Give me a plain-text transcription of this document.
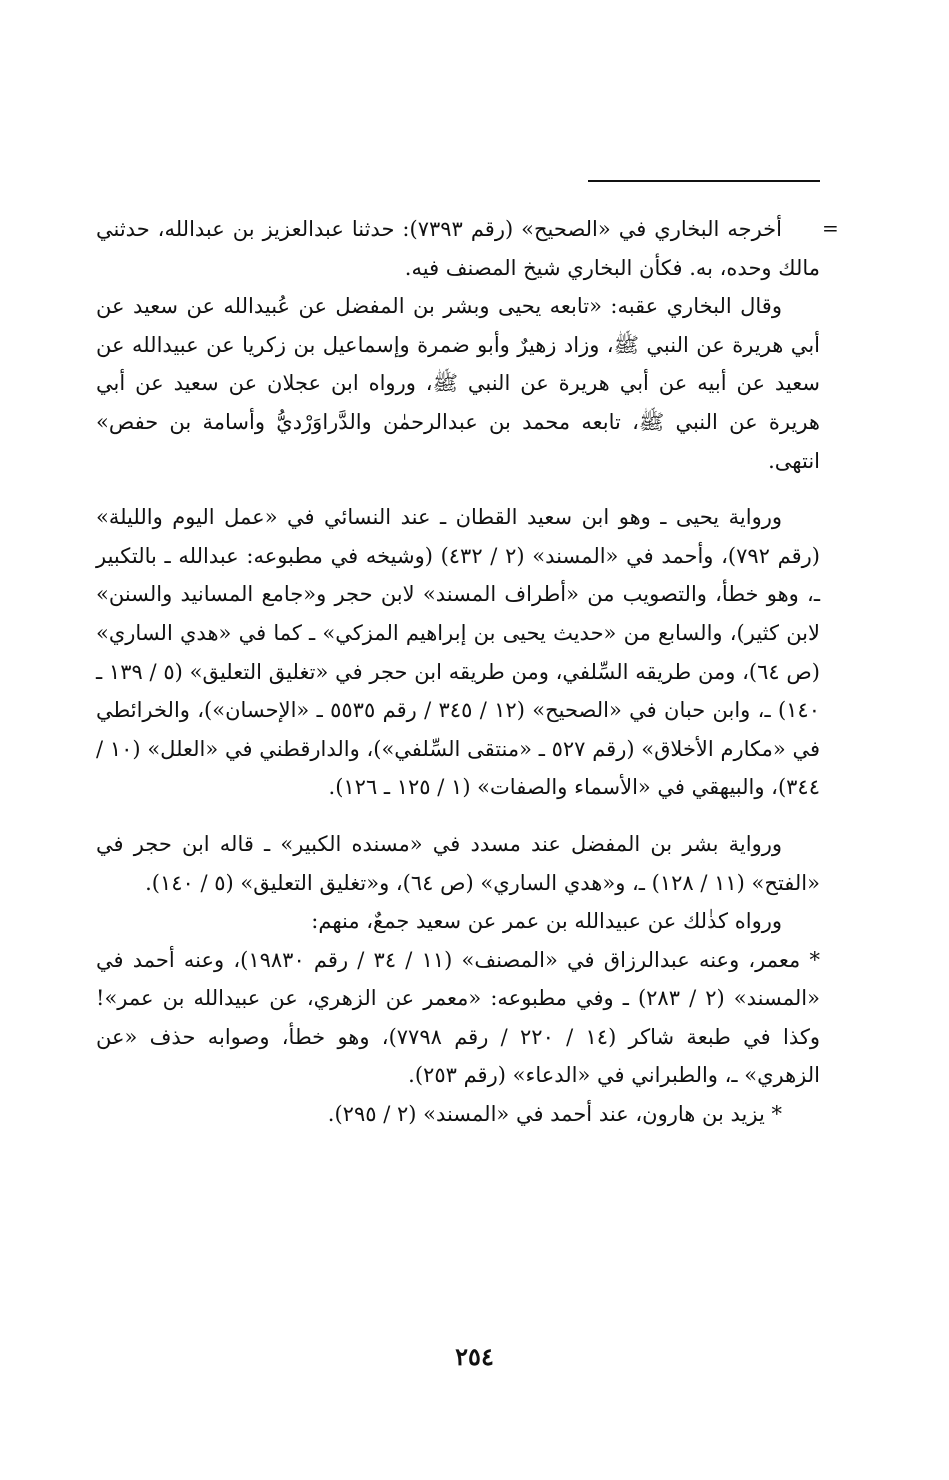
=

أخرجه البخاري في «الصحيح» (رقم ٧٣٩٣): حدثنا عبدالعزيز بن عبدالله، حدثني مالك وحده، به. فكأن البخاري شيخ المصنف فيه.

وقال البخاري عقبه: «تابعه يحيى وبشر بن المفضل عن عُبيدالله عن سعيد عن أبي هريرة عن النبي ﷺ، وزاد زهيرٌ وأبو ضمرة وإسماعيل بن زكريا عن عبيدالله عن سعيد عن أبيه عن أبي هريرة عن النبي ﷺ، ورواه ابن عجلان عن سعيد عن أبي هريرة عن النبي ﷺ، تابعه محمد بن عبدالرحمٰن والدَّراوَرْديُّ وأسامة بن حفص» انتهى.

ورواية يحيى ـ وهو ابن سعيد القطان ـ عند النسائي في «عمل اليوم والليلة» (رقم ٧٩٢)، وأحمد في «المسند» (٢ / ٤٣٢) (وشيخه في مطبوعه: عبدالله ـ بالتكبير ـ، وهو خطأ، والتصويب من «أطراف المسند» لابن حجر و«جامع المسانيد والسنن» لابن كثير)، والسابع من «حديث يحيى بن إبراهيم المزكي» ـ كما في «هدي الساري» (ص ٦٤)، ومن طريقه السِّلفي، ومن طريقه ابن حجر في «تغليق التعليق» (٥ / ١٣٩ ـ ١٤٠) ـ، وابن حبان في «الصحيح» (١٢ / ٣٤٥ / رقم ٥٥٣٥ ـ «الإحسان»)، والخرائطي في «مكارم الأخلاق» (رقم ٥٢٧ ـ «منتقى السِّلفي»)، والدارقطني في «العلل» (١٠ / ٣٤٤)، والبيهقي في «الأسماء والصفات» (١ / ١٢٥ ـ ١٢٦).

ورواية بشر بن المفضل عند مسدد في «مسنده الكبير» ـ قاله ابن حجر في «الفتح» (١١ / ١٢٨) ـ، و«هدي الساري» (ص ٦٤)، و«تغليق التعليق» (٥ / ١٤٠).

ورواه كذٰلك عن عبيدالله بن عمر عن سعيد جمعٌ، منهم:

* معمر، وعنه عبدالرزاق في «المصنف» (١١ / ٣٤ / رقم ١٩٨٣٠)، وعنه أحمد في «المسند» (٢ / ٢٨٣) ـ وفي مطبوعه: «معمر عن الزهري، عن عبيدالله بن عمر»! وكذا في طبعة شاكر (١٤ / ٢٢٠ / رقم ٧٧٩٨)، وهو خطأ، وصوابه حذف «عن الزهري» ـ، والطبراني في «الدعاء» (رقم ٢٥٣).

* يزيد بن هارون، عند أحمد في «المسند» (٢ / ٢٩٥).

٢٥٤
